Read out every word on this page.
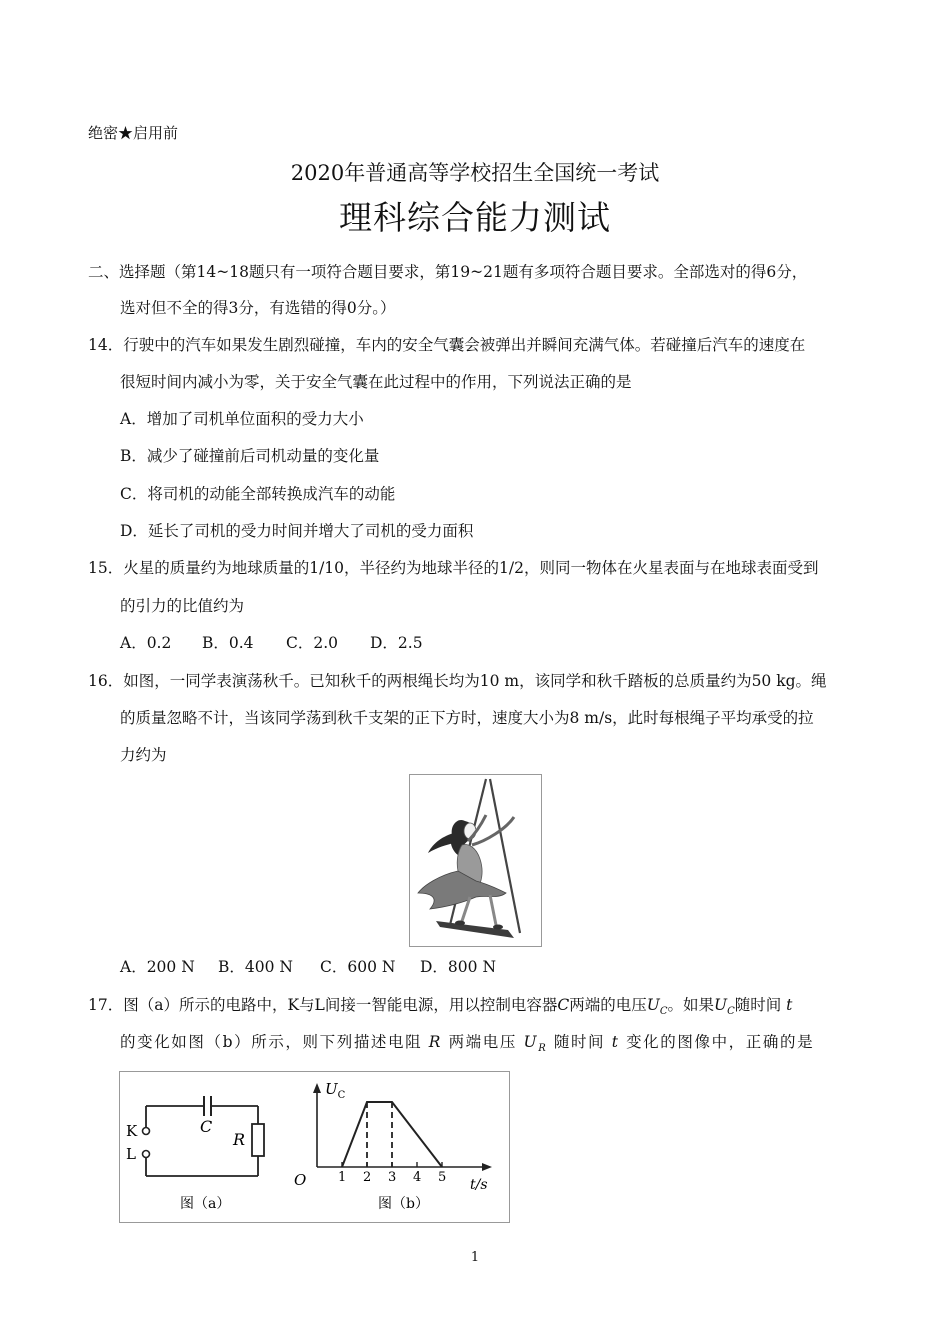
绝密★启用前
2020年普通高等学校招生全国统一考试
理科综合能力测试
二、选择题（第14~18题只有一项符合题目要求，第19~21题有多项符合题目要求。全部选对的得6分，
选对但不全的得3分，有选错的得0分。）
14．行驶中的汽车如果发生剧烈碰撞，车内的安全气囊会被弹出并瞬间充满气体。若碰撞后汽车的速度在
很短时间内减小为零，关于安全气囊在此过程中的作用，下列说法正确的是
A．增加了司机单位面积的受力大小
B．减少了碰撞前后司机动量的变化量
C．将司机的动能全部转换成汽车的动能
D．延长了司机的受力时间并增大了司机的受力面积
15．火星的质量约为地球质量的1/10，半径约为地球半径的1/2，则同一物体在火星表面与在地球表面受到
的引力的比值约为
A．0.2 B．0.4 C．2.0 D．2.5
16．如图，一同学表演荡秋千。已知秋千的两根绳长均为10 m，该同学和秋千踏板的总质量约为50 kg。绳
的质量忽略不计，当该同学荡到秋千支架的正下方时，速度大小为8 m/s，此时每根绳子平均承受的拉
力约为
A．200 N B．400 N C．600 N D．800 N
17．图（a）所示的电路中，K与L间接一智能电源，用以控制电容器C两端的电压$U_C$。如果$U_C$随时间 t
的变化如图（b）所示，则下列描述电阻 R 两端电压 $U_R$ 随时间 t 变化的图像中，正确的是
K
L
C
R
图（a）
$U_C$
O	t/s
1 2 3 4 5
图（b）
1
